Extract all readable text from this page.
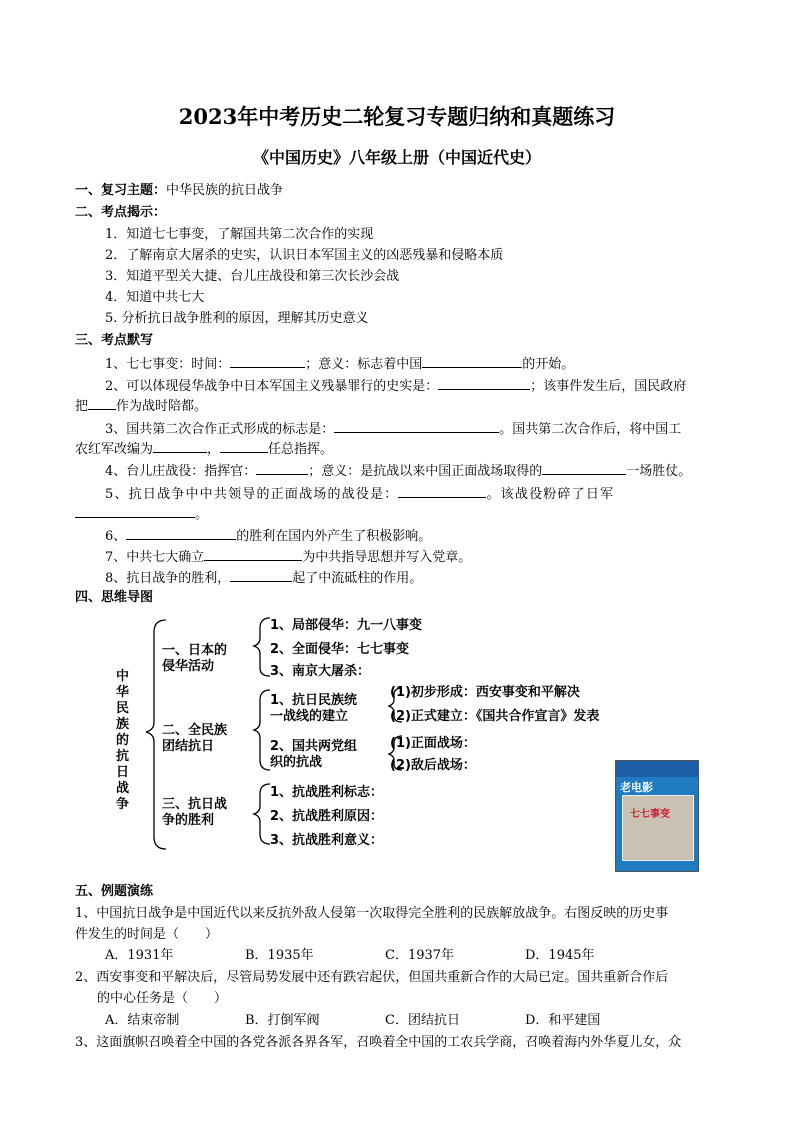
2023年中考历史二轮复习专题归纳和真题练习
《中国历史》八年级上册（中国近代史）
一、复习主题：中华民族的抗日战争
二、考点揭示：
1．知道七七事变，了解国共第二次合作的实现
2．了解南京大屠杀的史实，认识日本军国主义的凶恶残暴和侵略本质
3．知道平型关大捷、台儿庄战役和第三次长沙会战
4．知道中共七大
5. 分析抗日战争胜利的原因，理解其历史意义
三、考点默写
1、七七事变：时间：	；意义：标志着中国	的开始。
2、可以体现侵华战争中日本军国主义残暴罪行的史实是：	；该事件发生后，国民政府
把 作为战时陪都。
3、国共第二次合作正式形成的标志是：	。国共第二次合作后，将中国工
农红军改编为	，	任总指挥。
4、台儿庄战役：指挥官：	；意义：是抗战以来中国正面战场取得的	一场胜仗。
5、抗日战争中中共领导的正面战场的战役是：	。该战役粉碎了日军
。
6、	的胜利在国内外产生了积极影响。
7、中共七大确立	为中共指导思想并写入党章。
8、抗日战争的胜利，	起了中流砥柱的作用。
四、思维导图
中
华
民
族
的
抗
日
战
争
一、日本的
侵华活动
1、局部侵华：九一八事变
2、全面侵华：七七事变
3、南京大屠杀：
二、全民族
团结抗日
1、抗日民族统
一战线的建立
(1)初步形成：西安事变和平解决
(2)正式建立：《国共合作宣言》发表
2、国共两党组
织的抗战
(1)正面战场：
(2)敌后战场：
三、抗日战
争的胜利
1、抗战胜利标志：
2、抗战胜利原因：
3、抗战胜利意义：
老电影
七七事变
五、例题演练
1、中国抗日战争是中国近代以来反抗外敌人侵第一次取得完全胜利的民族解放战争。右图反映的历史事
件发生的时间是（　　）
A．1931年	B．1935年	C．1937年	D．1945年
2、西安事变和平解决后，尽管局势发展中还有跌宕起伏，但国共重新合作的大局已定。国共重新合作后
的中心任务是（　　）
A．结束帝制	B．打倒军阀	C．团结抗日	D．和平建国
3、这面旗帜召唤着全中国的各党各派各界各军，召唤着全中国的工农兵学商，召唤着海内外华夏儿女，众
